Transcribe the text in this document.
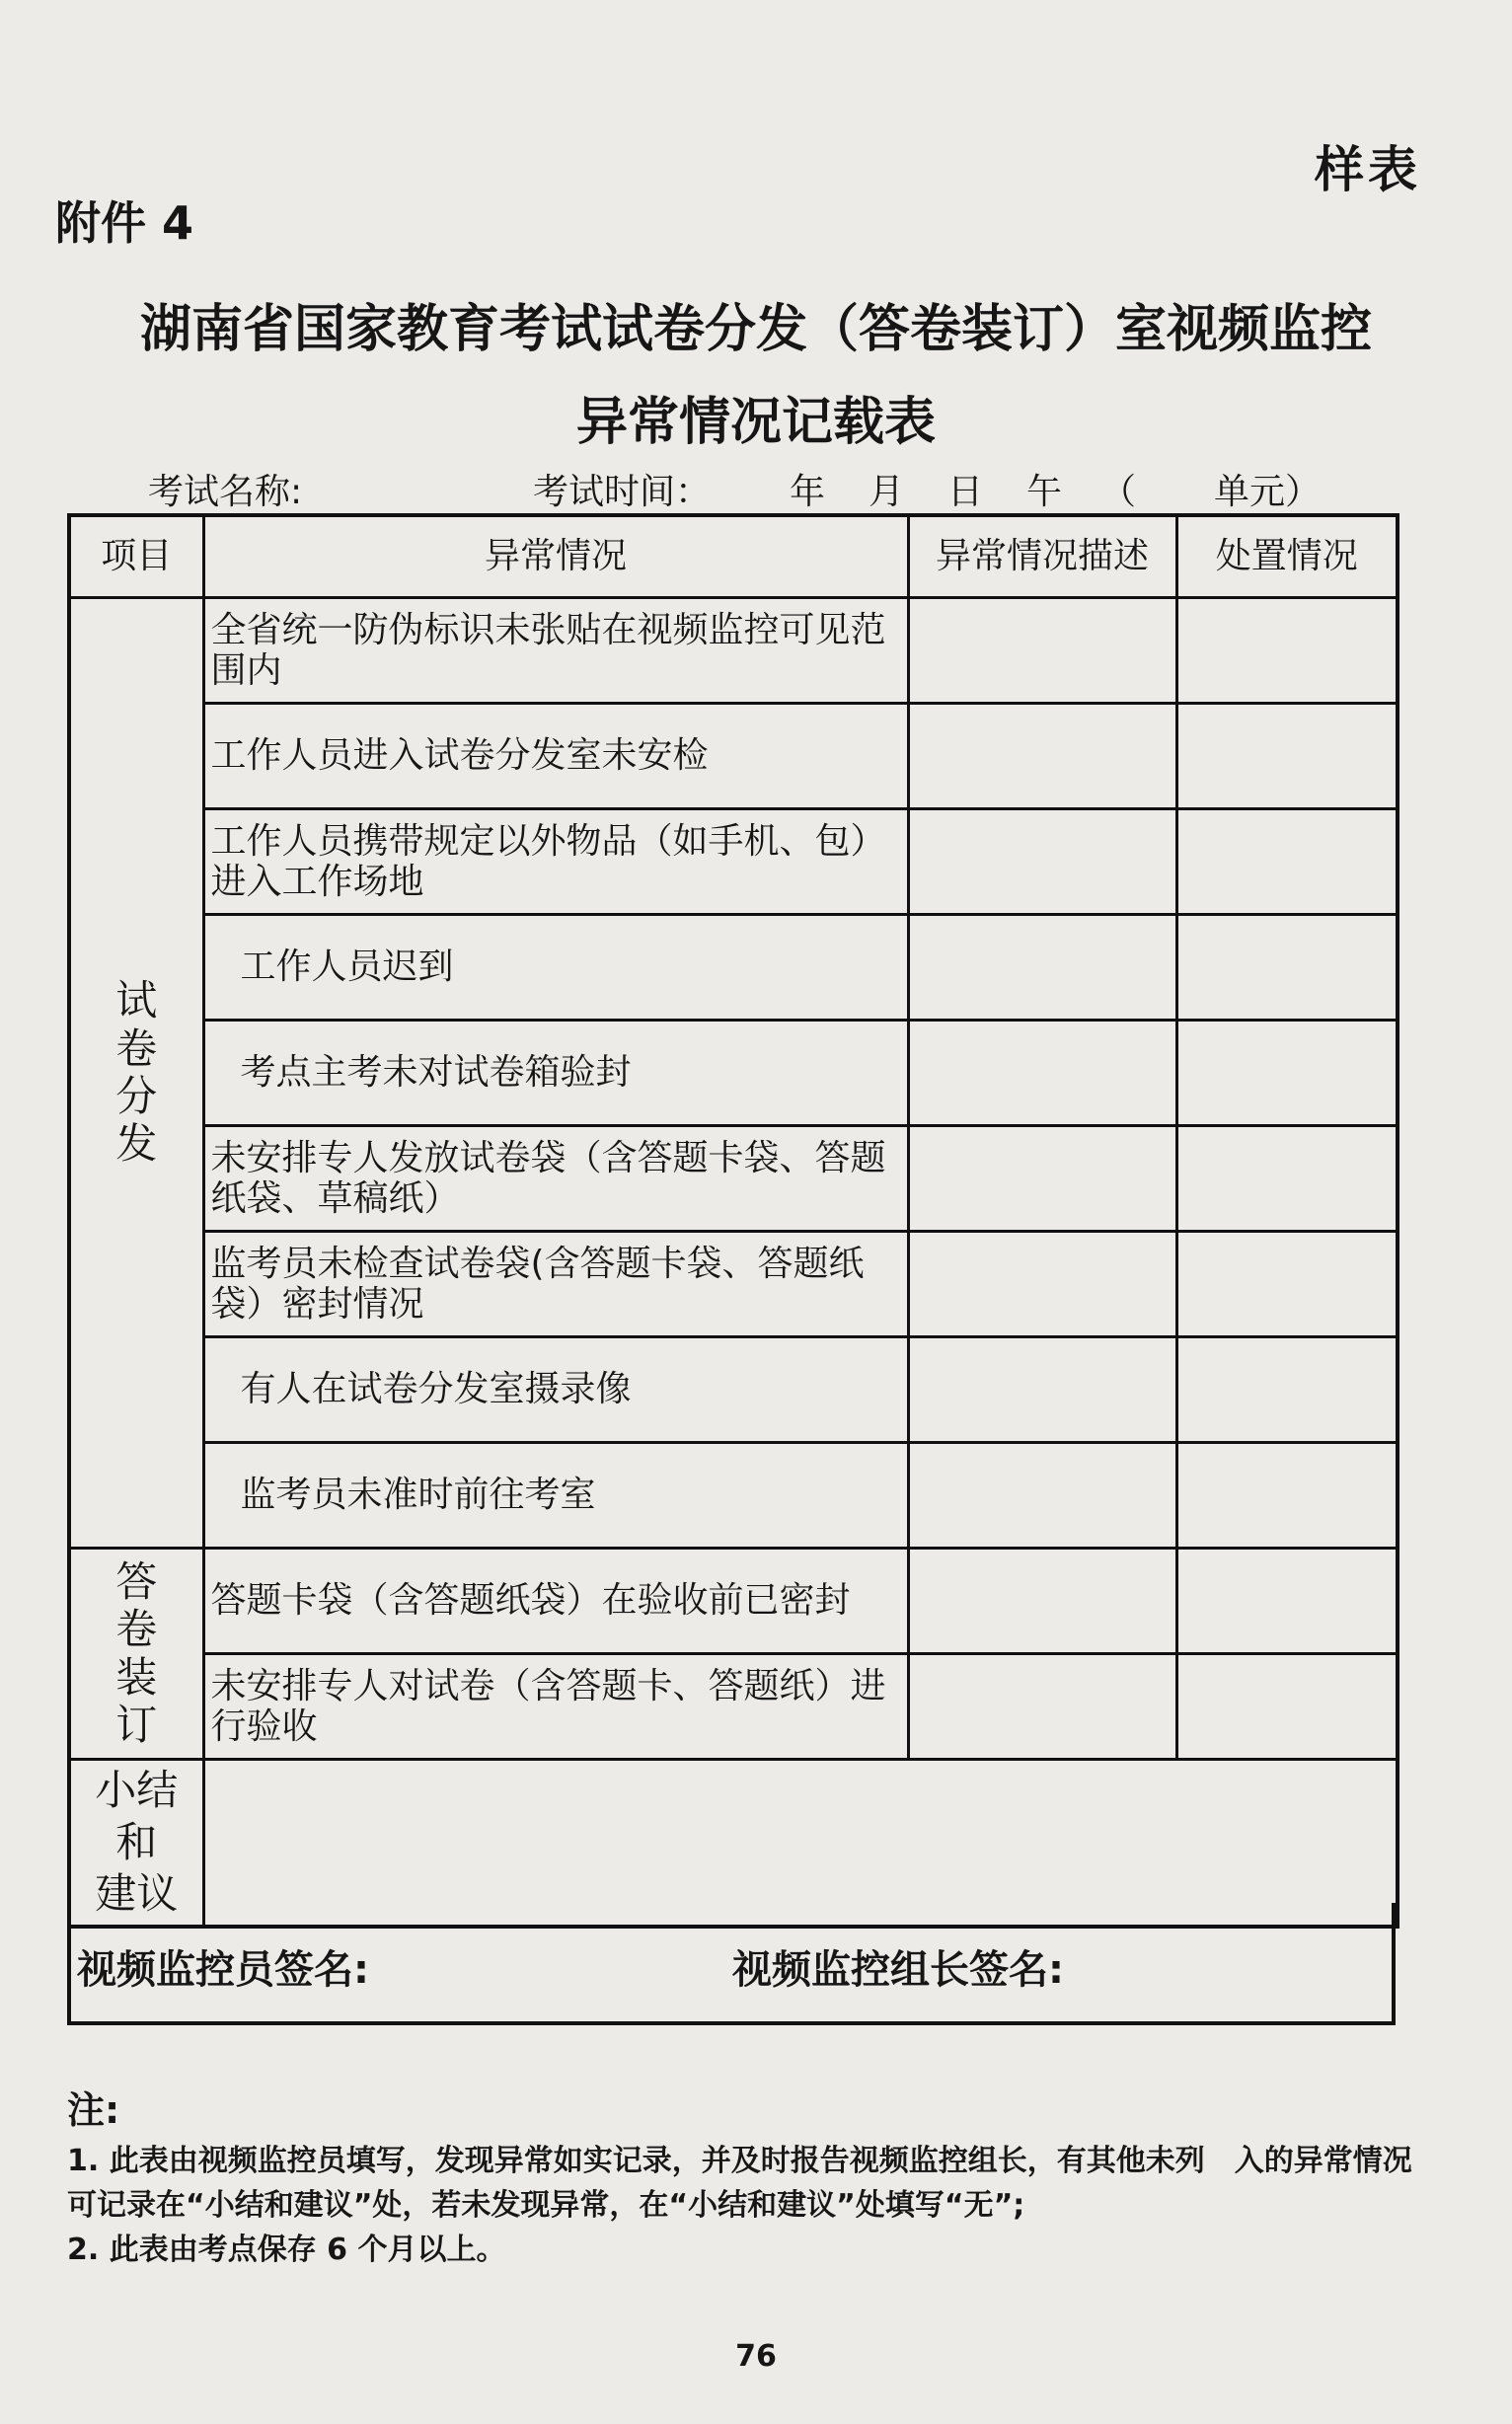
样表
附件 4
湖南省国家教育考试试卷分发（答卷装订）室视频监控
异常情况记载表
考试名称:	考试时间： 年 月 日 午 （ 单元）
项目	异常情况	异常情况描述	处置情况

试
卷
分
发	全省统一防伪标识未张贴在视频监控可见范围内		
	工作人员进入试卷分发室未安检		
	工作人员携带规定以外物品（如手机、包）进入工作场地		
	工作人员迟到		
	考点主考未对试卷箱验封		
	未安排专人发放试卷袋（含答题卡袋、答题纸袋、草稿纸）		
	监考员未检查试卷袋(含答题卡袋、答题纸袋）密封情况		
	有人在试卷分发室摄录像		
	监考员未准时前往考室		

答
卷
装
订	答题卡袋（含答题纸袋）在验收前已密封		
	未安排专人对试卷（含答题卡、答题纸）进行验收		

小结
和
建议			

视频监控员签名:	视频监控组长签名:
注:
1. 此表由视频监控员填写，发现异常如实记录，并及时报告视频监控组长，有其他未列　入的异常情况可记录在“小结和建议”处，若未发现异常，在“小结和建议”处填写“无”;
2. 此表由考点保存 6 个月以上。
76
